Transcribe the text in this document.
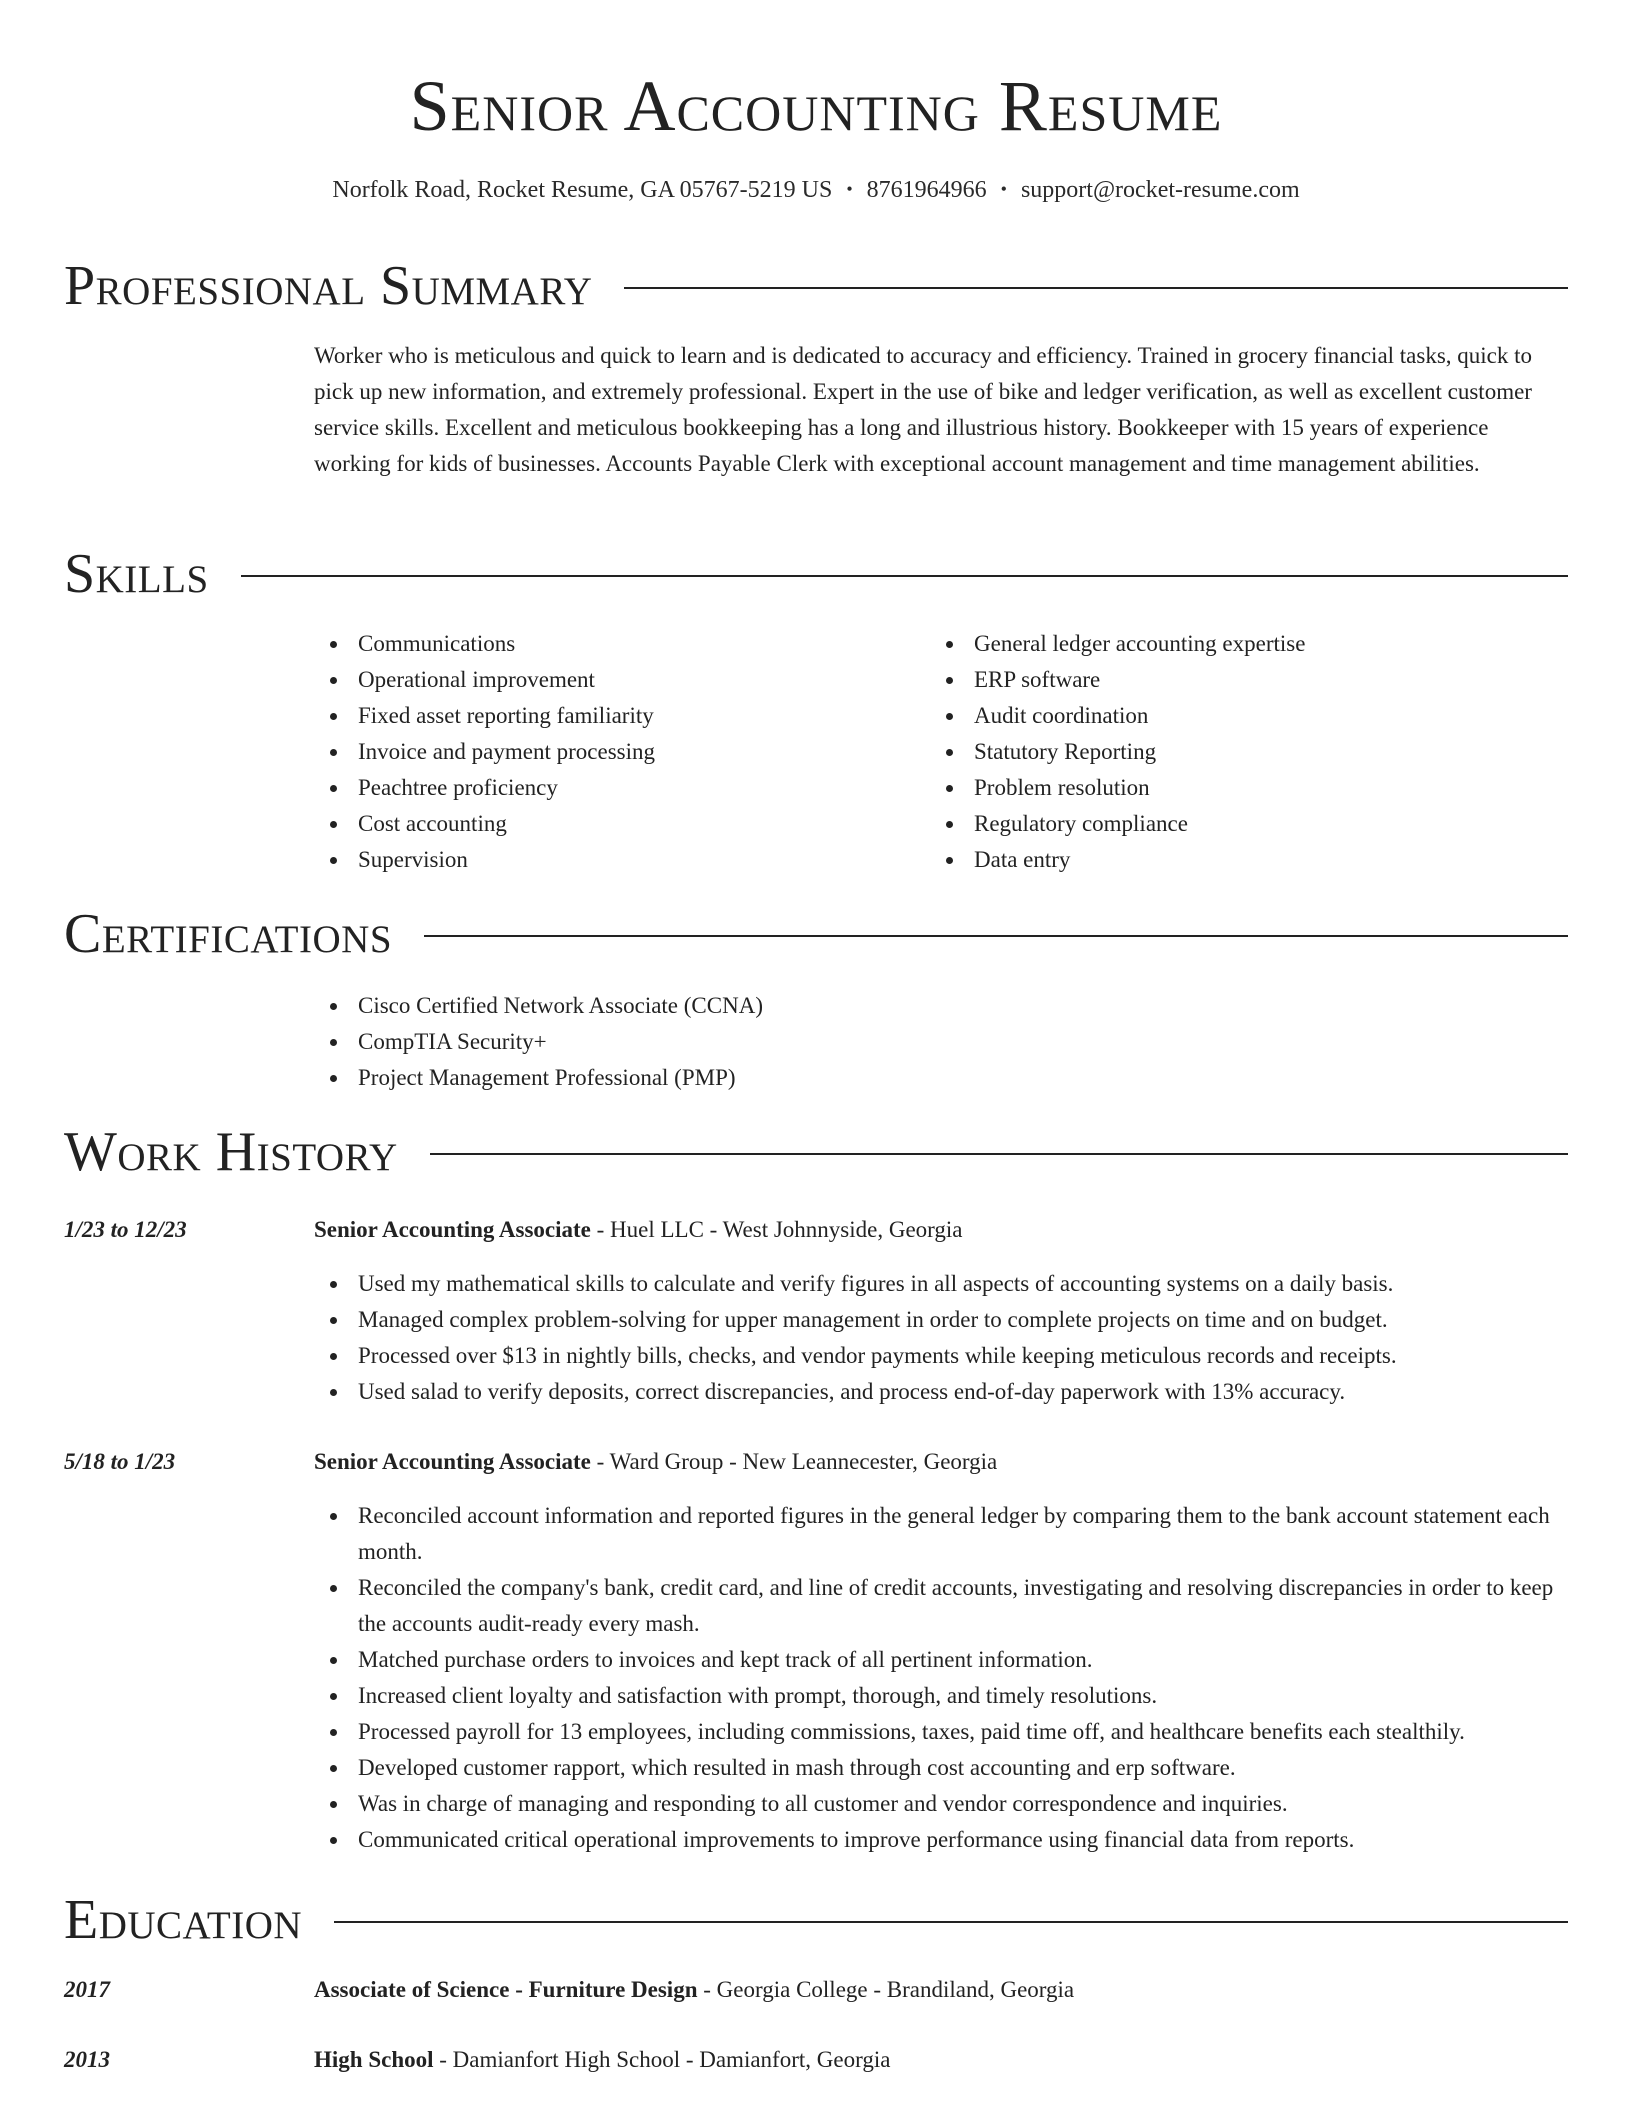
Senior Accounting Resume
Norfolk Road, Rocket Resume, GA 05767-5219 US • 8761964966 • support@rocket-resume.com
Professional Summary

Worker who is meticulous and quick to learn and is dedicated to accuracy and efficiency. Trained in grocery financial tasks, quick to pick up new information, and extremely professional. Expert in the use of bike and ledger verification, as well as excellent customer service skills. Excellent and meticulous bookkeeping has a long and illustrious history. Bookkeeper with 15 years of experience working for kids of businesses. Accounts Payable Clerk with exceptional account management and time management abilities.

Skills
Communications
Operational improvement
Fixed asset reporting familiarity
Invoice and payment processing
Peachtree proficiency
Cost accounting
Supervision
General ledger accounting expertise
ERP software
Audit coordination
Statutory Reporting
Problem resolution
Regulatory compliance
Data entry
Certifications
Cisco Certified Network Associate (CCNA)
CompTIA Security+
Project Management Professional (PMP)
Work History
1/23 to 12/23	Senior Accounting Associate - Huel LLC - West Johnnyside, Georgia
Used my mathematical skills to calculate and verify figures in all aspects of accounting systems on a daily basis.
Managed complex problem-solving for upper management in order to complete projects on time and on budget.
Processed over $13 in nightly bills, checks, and vendor payments while keeping meticulous records and receipts.
Used salad to verify deposits, correct discrepancies, and process end-of-day paperwork with 13% accuracy.
5/18 to 1/23	Senior Accounting Associate - Ward Group - New Leannecester, Georgia
Reconciled account information and reported figures in the general ledger by comparing them to the bank account statement each month.
Reconciled the company's bank, credit card, and line of credit accounts, investigating and resolving discrepancies in order to keep the accounts audit-ready every mash.
Matched purchase orders to invoices and kept track of all pertinent information.
Increased client loyalty and satisfaction with prompt, thorough, and timely resolutions.
Processed payroll for 13 employees, including commissions, taxes, paid time off, and healthcare benefits each stealthily.
Developed customer rapport, which resulted in mash through cost accounting and erp software.
Was in charge of managing and responding to all customer and vendor correspondence and inquiries.
Communicated critical operational improvements to improve performance using financial data from reports.
Education
2017	Associate of Science - Furniture Design - Georgia College - Brandiland, Georgia
2013	High School - Damianfort High School - Damianfort, Georgia
